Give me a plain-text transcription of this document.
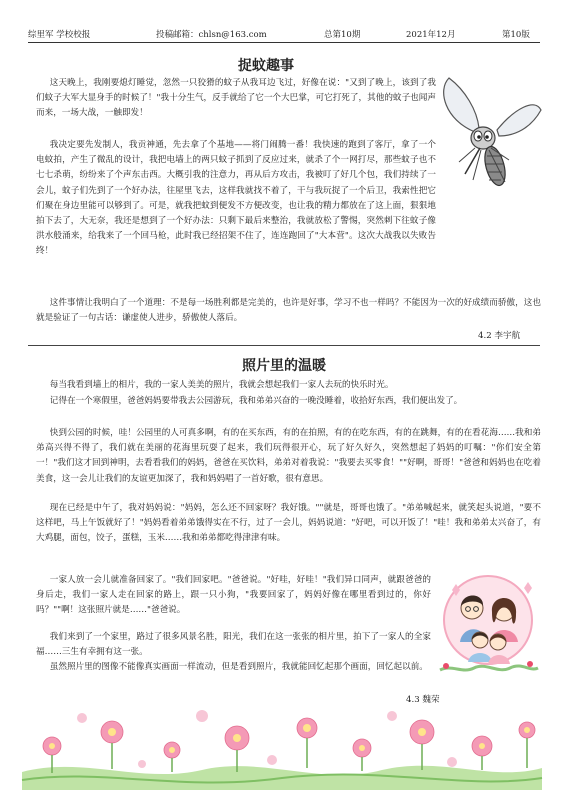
综里军 学校校报	投稿邮箱：chlsn@163.com	总第10期	2021年12月	第10版
捉蚊趣事

这天晚上，我刚要熄灯睡觉，忽然一只狡猾的蚊子从我耳边飞过，好像在说："又到了晚上，该到了我们蚊子大军大显身手的时候了！"我十分生气，反手就给了它一个大巴掌，可它打死了，其他的蚊子也闻声而来，一场大战，一触即发！

我决定要先发制人，我贡神通，先去拿了个基地——将门闹腾一番！我快速的跑到了客厅，拿了一个电蚊拍，产生了微乱的设计，我把电墙上的两只蚊子抓到了反应过来，就杀了个一网打尽，那些蚊子也不七七杀萌，纷纷来了个声东击西。大概引我的注意力，再从后方攻击，我被叮了好几个包，我们持续了一会儿，蚊子们先到了一个好办法，往屋里飞去，这样我就找不着了，干与我玩捉了一个后卫，我索性把它们聚在身边里能可以够到了。可是，就我把蚊到便发不方便改变，也让我的精力都放在了这上面，狠狠地拍下去了，大无奈，我还是想到了一个好办法：只剩下最后来整治，我就放松了警惕，突然刺下往蚊子像洪水般涌来，给我来了一个回马枪，此时我已经招架不住了，连连跑回了"大本营"。这次大战我以失败告终！

这件事情让我明白了一个道理：不是每一场胜利都是完美的，也许是好事，学习不也一样吗？不能因为一次的好成绩而骄傲，这也就是验证了一句古话：谦虚使人进步，骄傲使人落后。

4.2 李宇航
照片里的温暖

每当我看到墙上的相片，我的一家人美美的照片，我就会想起我们一家人去玩的快乐时光。

记得在一个寒假里，爸爸妈妈要带我去公园游玩，我和弟弟兴奋的一晚没睡着，收拾好东西，我们便出发了。

快到公园的时候，哇！公园里的人可真多啊，有的在买东西，有的在拍照，有的在吃东西，有的在跳舞，有的在看花海……我和弟弟高兴得不得了，我们就在美丽的花海里玩耍了起来，我们玩得很开心，玩了好久好久，突然想起了妈妈的叮嘱："你们安全第一！"我们这才回到神明，去看看我们的妈妈，爸爸在买饮料，弟弟对着我说："我要去买零食！""好啊，哥哥！"爸爸和妈妈也在吃着美食，这一会儿让我们的友谊更加深了，我和妈妈唱了一首好歌，很有意思。

现在已经是中午了，我对妈妈说："妈妈，怎么还不回家呀？我好饿。""就是，哥哥也饿了。"弟弟喊起来，就笑起头说道，"要不这样吧，马上午饭就好了！"妈妈看着弟弟饿得实在不行，过了一会儿，妈妈说道："好吧，可以开饭了！"哇！我和弟弟太兴奋了，有大鸡腿，面包，饺子，蛋糕，玉米……我和弟弟都吃得津津有味。

一家人放一会儿就准备回家了。"我们回家吧。"爸爸说。"好哇，好哇！"我们异口同声，就跟爸爸的身后走，我们一家人走在回家的路上，跟一只小狗，"我要回家了，妈妈好像在哪里看到过的，你好吗？""啊！这张照片就是……"爸爸说。

我们来到了一个家里，路过了很多风景名胜，阳光，我们在这一张张的相片里，拍下了一家人的全家福……三生有幸拥有这一张。

虽然照片里的图像不能像真实画面一样流动，但是看到照片，我就能回忆起那个画面，回忆起以前。

4.3 魏荣
